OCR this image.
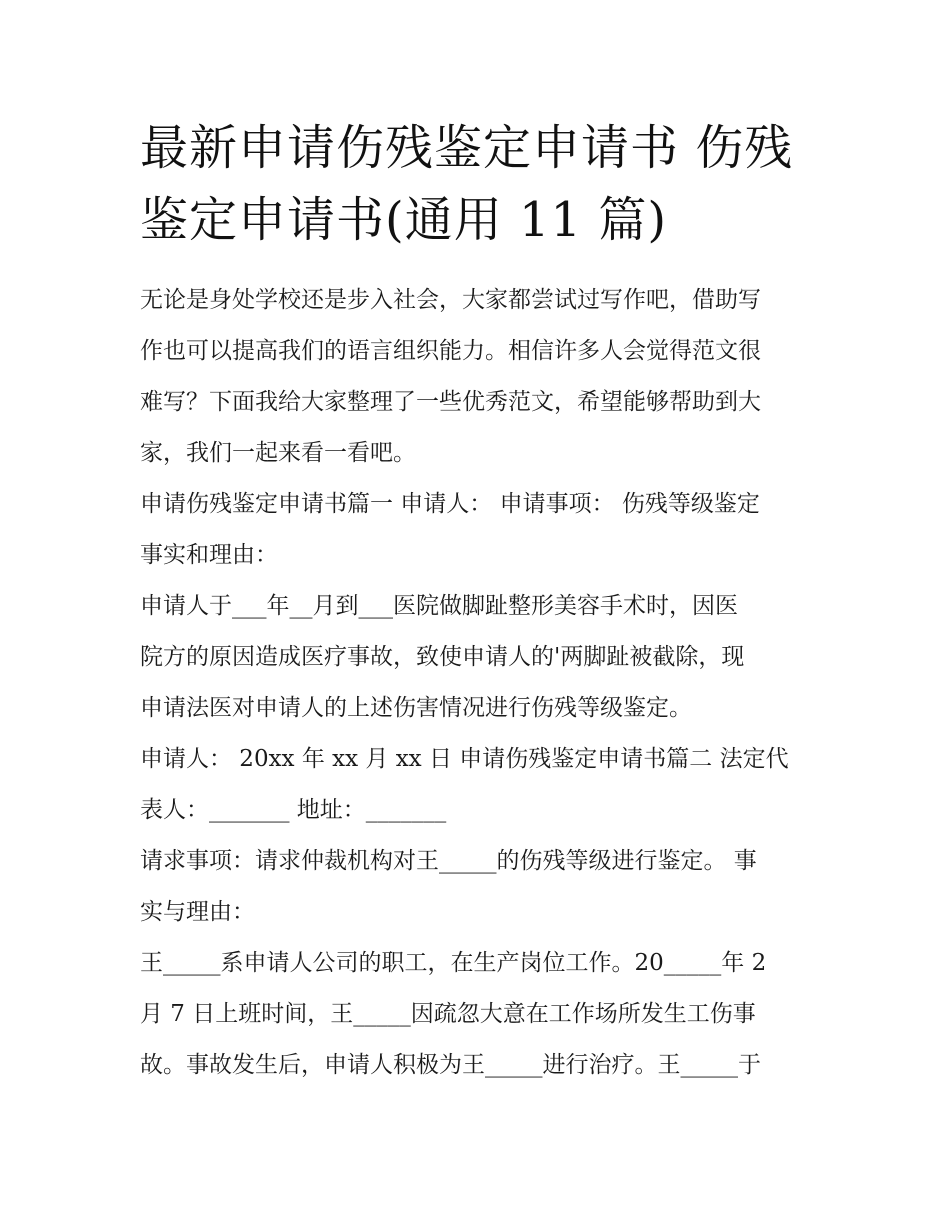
最新申请伤残鉴定申请书 伤残
鉴定申请书(通用 11 篇)

无论是身处学校还是步入社会，大家都尝试过写作吧，借助写
作也可以提高我们的语言组织能力。相信许多人会觉得范文很
难写？下面我给大家整理了一些优秀范文，希望能够帮助到大
家，我们一起来看一看吧。

申请伤残鉴定申请书篇一 申请人： 申请事项： 伤残等级鉴定
事实和理由：

申请人于___年__月到___医院做脚趾整形美容手术时，因医
院方的原因造成医疗事故，致使申请人的'两脚趾被截除，现
申请法医对申请人的上述伤害情况进行伤残等级鉴定。

申请人： 20xx 年 xx 月 xx 日 申请伤残鉴定申请书篇二 法定代
表人：_______ 地址：_______

请求事项：请求仲裁机构对王_____的伤残等级进行鉴定。 事
实与理由：

王_____系申请人公司的职工，在生产岗位工作。20_____年 2
月 7 日上班时间，王_____因疏忽大意在工作场所发生工伤事
故。事故发生后，申请人积极为王_____进行治疗。王_____于
